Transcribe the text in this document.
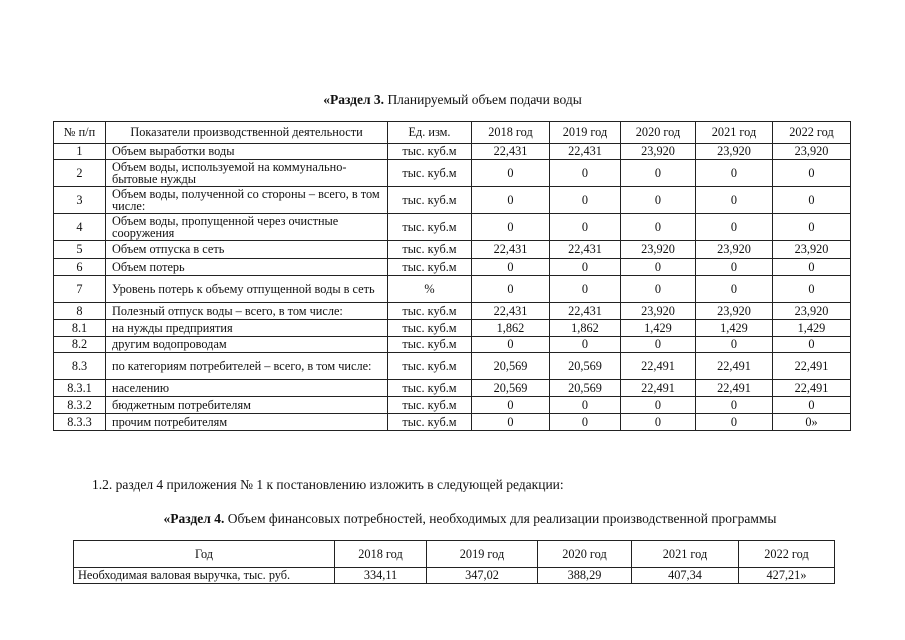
«Раздел 3. Планируемый объем подачи воды
№ п/п	Показатели производственной деятельности	Ед. изм.	2018 год	2019 год	2020 год	2021 год	2022 год
1	Объем выработки воды	тыс. куб.м	22,431	22,431	23,920	23,920	23,920
2	Объем воды, используемой на коммунально-бытовые нужды	тыс. куб.м	0	0	0	0	0
3	Объем воды, полученной со стороны – всего, в том числе:	тыс. куб.м	0	0	0	0	0
4	Объем воды, пропущенной через очистные сооружения	тыс. куб.м	0	0	0	0	0
5	Объем отпуска в сеть	тыс. куб.м	22,431	22,431	23,920	23,920	23,920
6	Объем потерь	тыс. куб.м	0	0	0	0	0
7	Уровень потерь к объему отпущенной воды в сеть	%	0	0	0	0	0
8	Полезный отпуск воды – всего, в том числе:	тыс. куб.м	22,431	22,431	23,920	23,920	23,920
8.1	на нужды предприятия	тыс. куб.м	1,862	1,862	1,429	1,429	1,429
8.2	другим водопроводам	тыс. куб.м	0	0	0	0	0
8.3	по категориям потребителей – всего, в том числе:	тыс. куб.м	20,569	20,569	22,491	22,491	22,491
8.3.1	населению	тыс. куб.м	20,569	20,569	22,491	22,491	22,491
8.3.2	бюджетным потребителям	тыс. куб.м	0	0	0	0	0
8.3.3	прочим потребителям	тыс. куб.м	0	0	0	0	0»
1.2. раздел 4 приложения № 1 к постановлению изложить в следующей редакции:
«Раздел 4. Объем финансовых потребностей, необходимых для реализации производственной программы
Год	2018 год	2019 год	2020 год	2021 год	2022 год
Необходимая валовая выручка, тыс. руб.	334,11	347,02	388,29	407,34	427,21»
